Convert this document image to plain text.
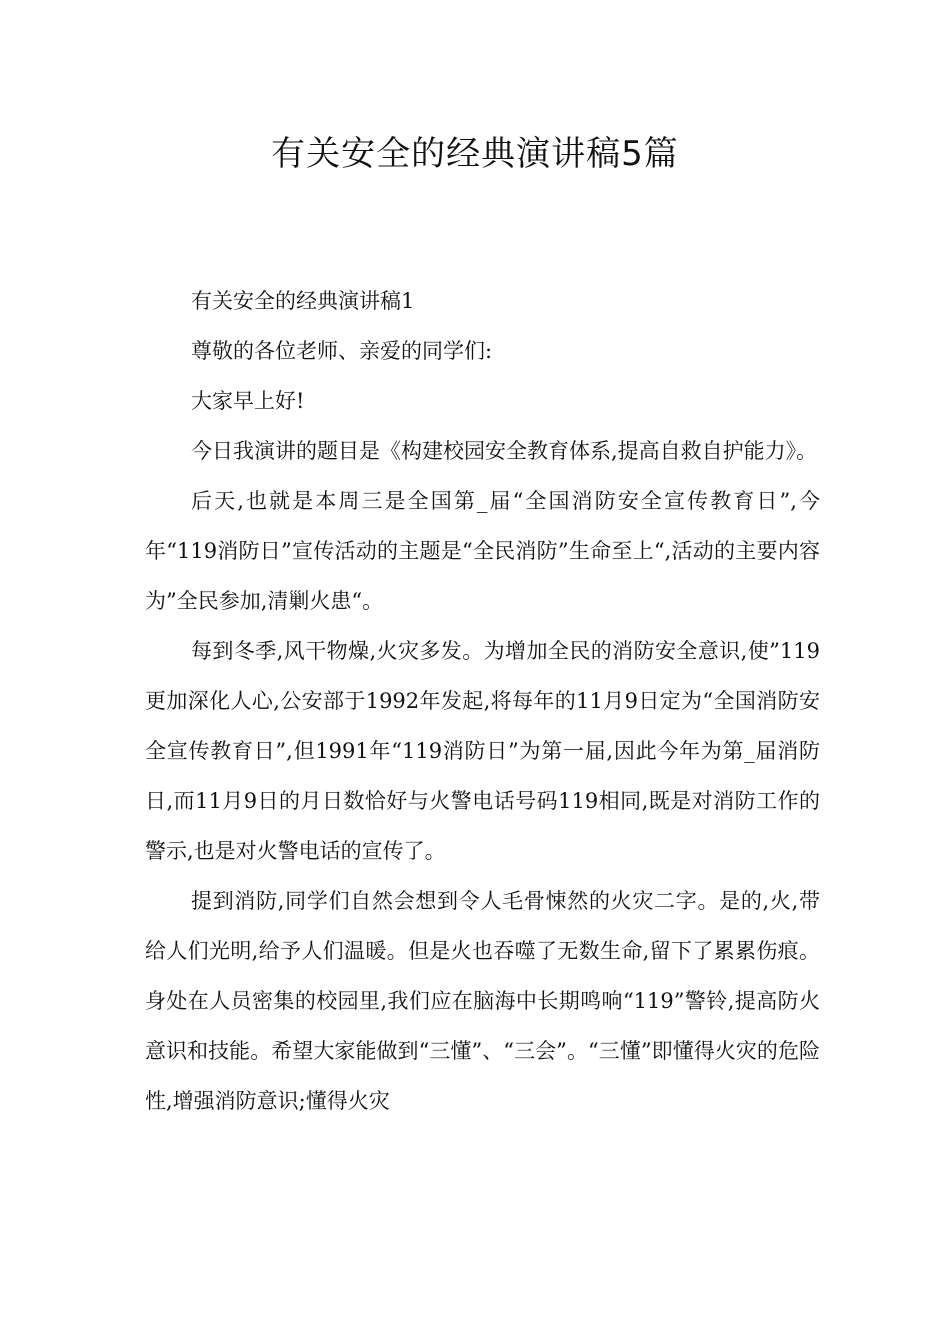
有关安全的经典演讲稿5篇

有关安全的经典演讲稿1

尊敬的各位老师、亲爱的同学们:

大家早上好!

今日我演讲的题目是《构建校园安全教育体系,提高自救自护能力》。

后天,也就是本周三是全国第_届“全国消防安全宣传教育日”,今年“119消防日”宣传活动的主题是“全民消防”生命至上“,活动的主要内容为”全民参加,清剿火患“。

每到冬季,风干物燥,火灾多发。为增加全民的消防安全意识,使”119更加深化人心,公安部于1992年发起,将每年的11月9日定为“全国消防安全宣传教育日”,但1991年“119消防日”为第一届,因此今年为第_届消防日,而11月9日的月日数恰好与火警电话号码119相同,既是对消防工作的警示,也是对火警电话的宣传了。

提到消防,同学们自然会想到令人毛骨悚然的火灾二字。是的,火,带给人们光明,给予人们温暖。但是火也吞噬了无数生命,留下了累累伤痕。身处在人员密集的校园里,我们应在脑海中长期鸣响“119”警铃,提高防火意识和技能。希望大家能做到“三懂”、“三会”。“三懂”即懂得火灾的危险性,增强消防意识;懂得火灾
